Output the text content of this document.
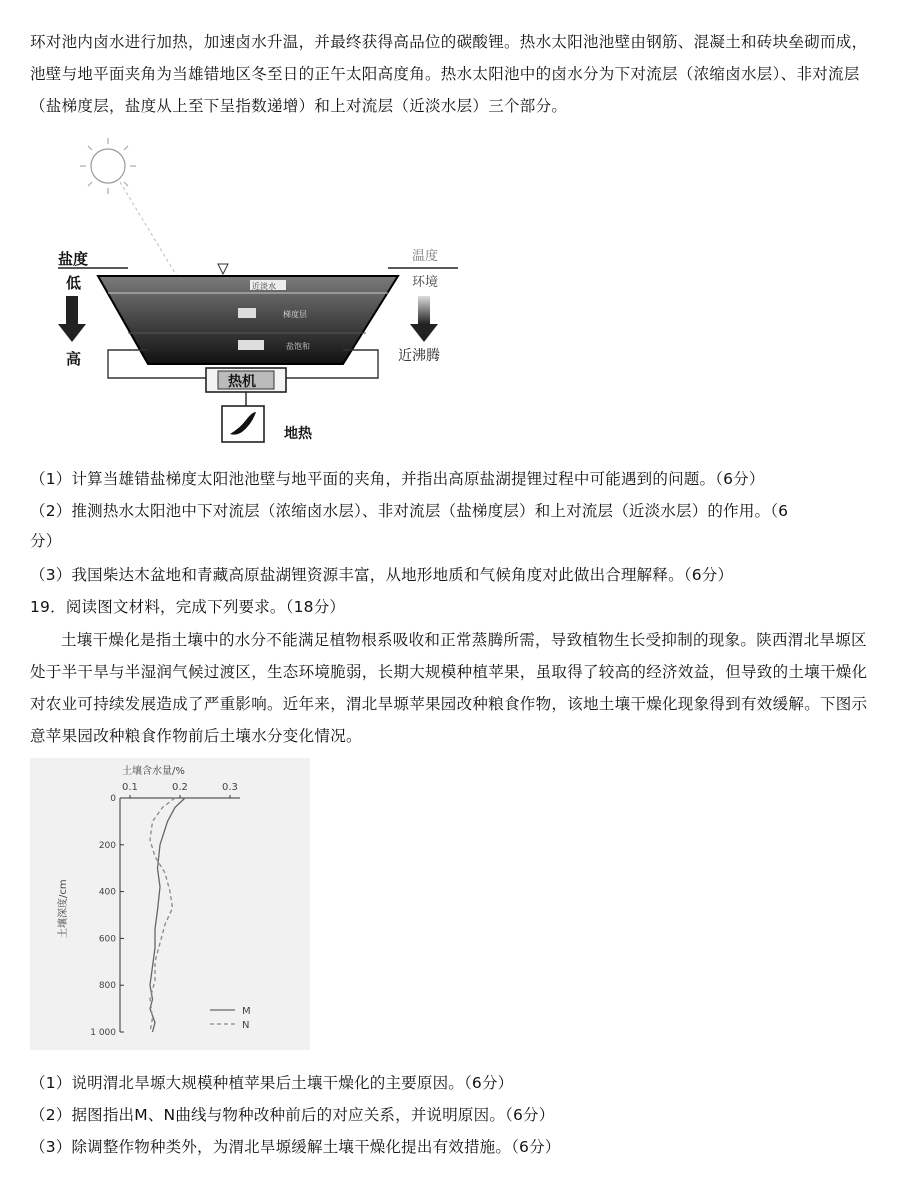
环对池内卤水进行加热，加速卤水升温，并最终获得高品位的碳酸锂。热水太阳池池壁由钢筋、混凝土和砖块垒砌而成，池壁与地平面夹角为当雄错地区冬至日的正午太阳高度角。热水太阳池中的卤水分为下对流层（浓缩卤水层）、非对流层（盐梯度层，盐度从上至下呈指数递增）和上对流层（近淡水层）三个部分。
近淡水
梯度层
盐饱和
盐度
低
高
温度
环境
近沸腾
热机
地热
（1）计算当雄错盐梯度太阳池池壁与地平面的夹角，并指出高原盐湖提锂过程中可能遇到的问题。（6分）
（2）推测热水太阳池中下对流层（浓缩卤水层）、非对流层（盐梯度层）和上对流层（近淡水层）的作用。（6
分）
（3）我国柴达木盆地和青藏高原盐湖锂资源丰富，从地形地质和气候角度对此做出合理解释。（6分）
19．阅读图文材料，完成下列要求。（18分）
土壤干燥化是指土壤中的水分不能满足植物根系吸收和正常蒸腾所需，导致植物生长受抑制的现象。陕西渭北旱塬区处于半干旱与半湿润气候过渡区，生态环境脆弱，长期大规模种植苹果，虽取得了较高的经济效益，但导致的土壤干燥化对农业可持续发展造成了严重影响。近年来，渭北旱塬苹果园改种粮食作物，该地土壤干燥化现象得到有效缓解。下图示意苹果园改种粮食作物前后土壤水分变化情况。
土壤含水量/%
0.1	0.2	0.3
0
200
400
600
800
1 000
土壤深度/cm
M
N
（1）说明渭北旱塬大规模种植苹果后土壤干燥化的主要原因。（6分）
（2）据图指出M、N曲线与物种改种前后的对应关系，并说明原因。（6分）
（3）除调整作物种类外，为渭北旱塬缓解土壤干燥化提出有效措施。（6分）
